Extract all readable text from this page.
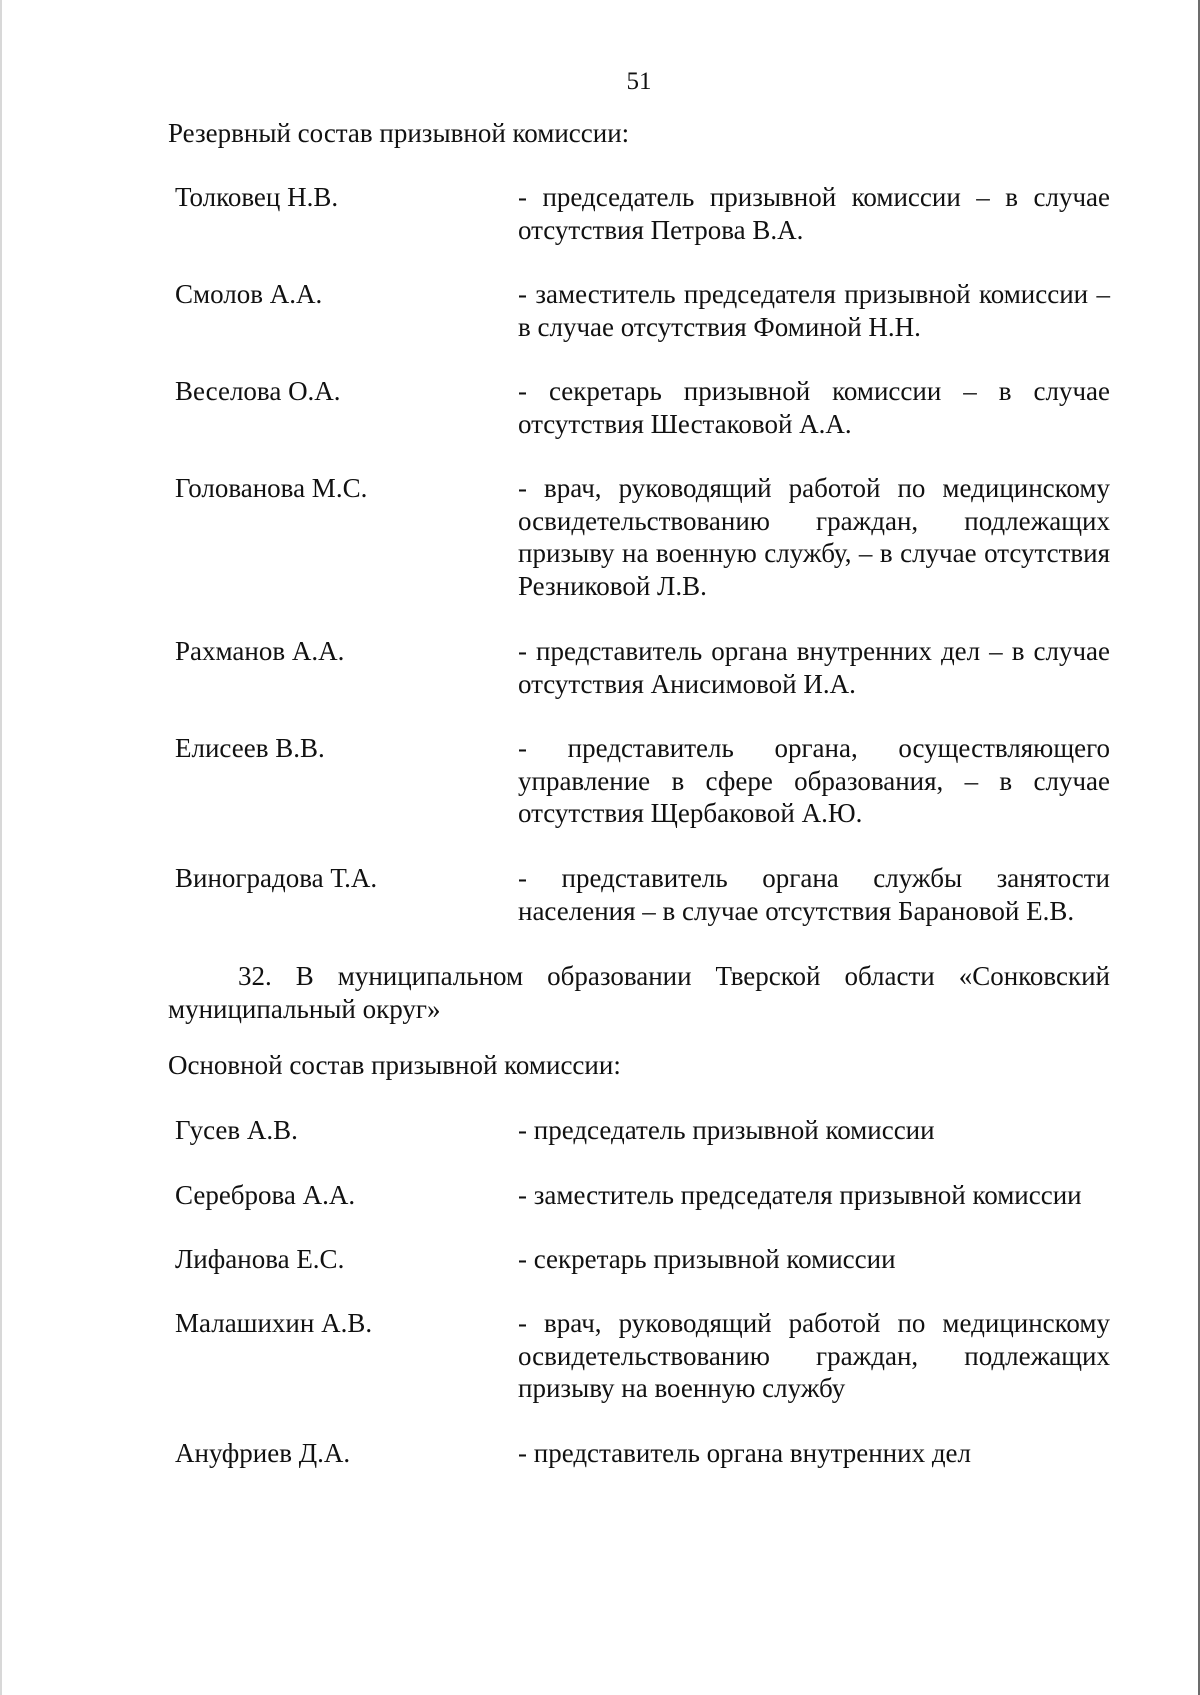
51
Резервный состав призывной комиссии:
Толковец Н.В.	- председатель призывной комиссии – в случае отсутствия Петрова В.А.
Смолов А.А.	- заместитель председателя призывной комиссии – в случае отсутствия Фоминой Н.Н.
Веселова О.А.	- секретарь призывной комиссии – в случае отсутствия Шестаковой А.А.
Голованова М.С.	- врач, руководящий работой по медицинскому освидетельствованию граждан, подлежащих призыву на военную службу, – в случае отсутствия Резниковой Л.В.
Рахманов А.А.	- представитель органа внутренних дел – в случае отсутствия Анисимовой И.А.
Елисеев В.В.	- представитель органа, осуществляющего управление в сфере образования, – в случае отсутствия Щербаковой А.Ю.
Виноградова Т.А.	- представитель органа службы занятости населения – в случае отсутствия Барановой Е.В.
32. В муниципальном образовании Тверской области «Сонковский муниципальный округ»
Основной состав призывной комиссии:
Гусев А.В.	- председатель призывной комиссии
Сереброва А.А.	- заместитель председателя призывной комиссии
Лифанова Е.С.	- секретарь призывной комиссии
Малашихин А.В.	- врач, руководящий работой по медицинскому освидетельствованию граждан, подлежащих призыву на военную службу
Ануфриев Д.А.	- представитель органа внутренних дел
